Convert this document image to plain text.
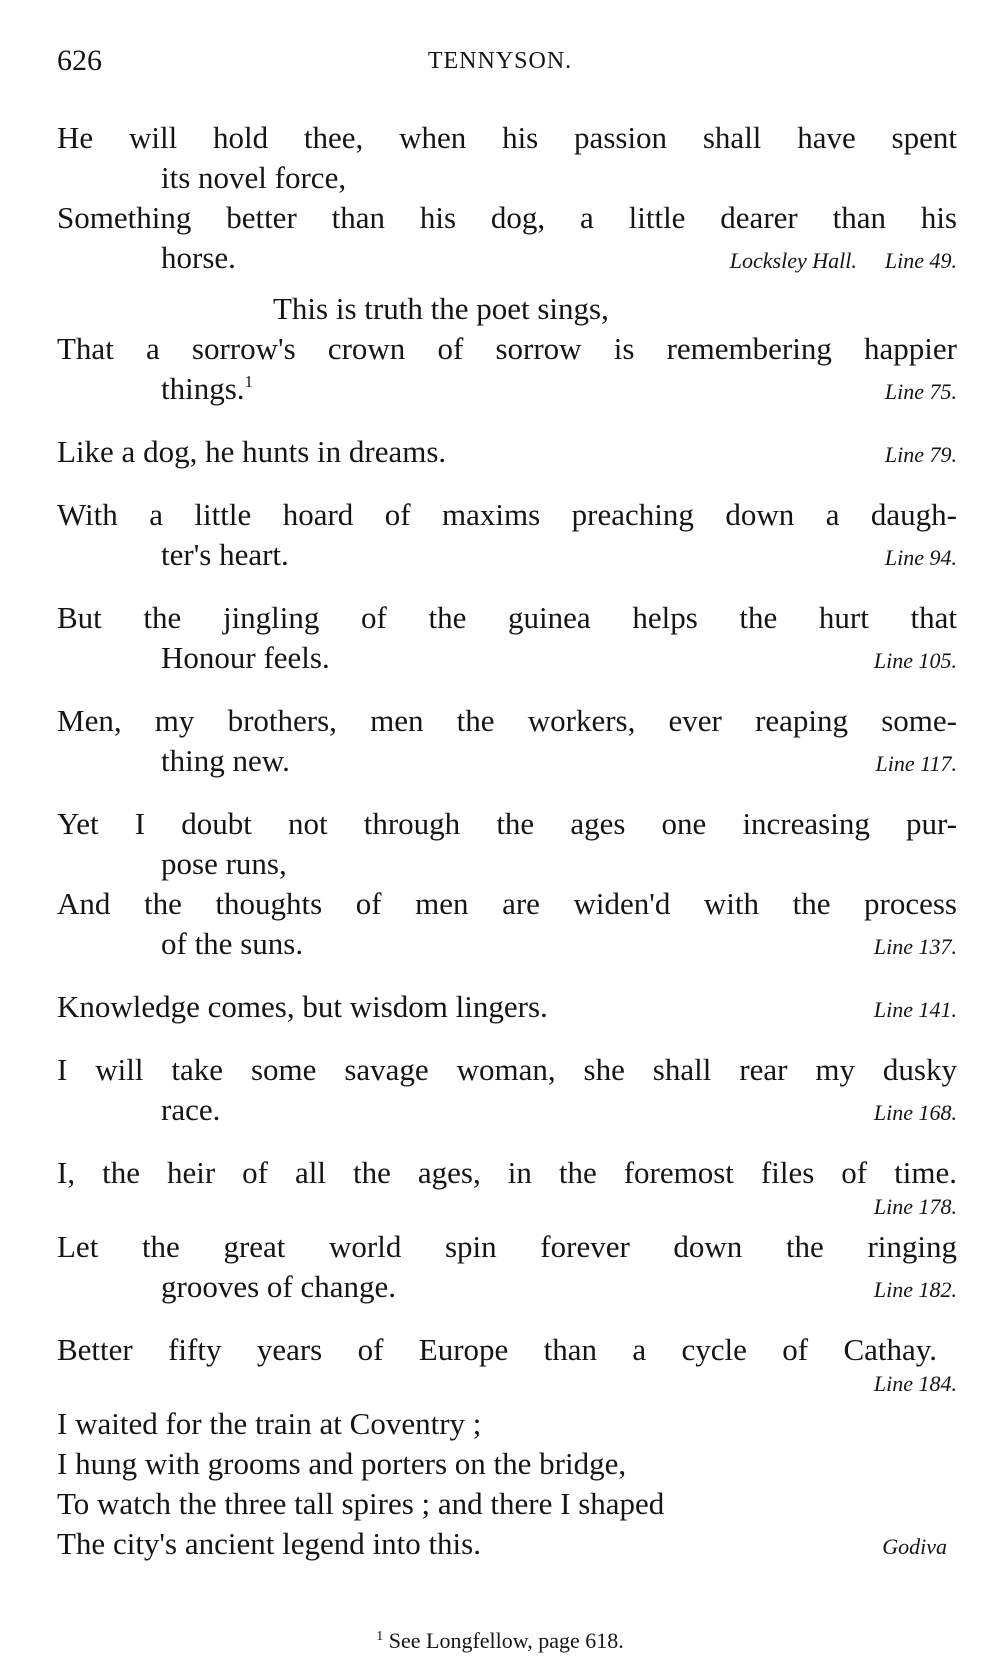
626	TENNYSON.
He will hold thee, when his passion shall have spent
its novel force,
Something better than his dog, a little dearer than his
horse.	Locksley Hall. Line 49.
This is truth the poet sings,
That a sorrow's crown of sorrow is remembering happier
things.$^1$	Line 75.
Like a dog, he hunts in dreams.	Line 79.
With a little hoard of maxims preaching down a daugh-
ter's heart.	Line 94.
But the jingling of the guinea helps the hurt that
Honour feels.	Line 105.
Men, my brothers, men the workers, ever reaping some-
thing new.	Line 117.
Yet I doubt not through the ages one increasing pur-
pose runs,
And the thoughts of men are widen'd with the process
of the suns.	Line 137.
Knowledge comes, but wisdom lingers.	Line 141.
I will take some savage woman, she shall rear my dusky
race.	Line 168.
I, the heir of all the ages, in the foremost files of time.
Line 178.
Let the great world spin forever down the ringing
grooves of change.	Line 182.
Better fifty years of Europe than a cycle of Cathay.
Line 184.
I waited for the train at Coventry ;
I hung with grooms and porters on the bridge,
To watch the three tall spires ; and there I shaped
The city's ancient legend into this.	Godiva
$^1$ See Longfellow, page 618.
